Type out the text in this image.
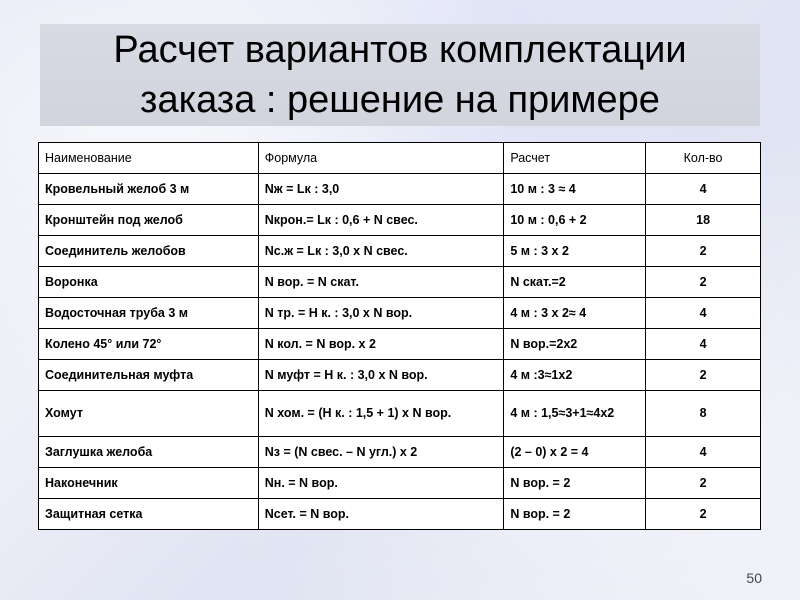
Расчет вариантов комплектации
заказа : решение на примере
Наименование	Формула	Расчет	Кол-во
Кровельный желоб 3 м	Nж = Lк : 3,0	10 м : 3 ≈ 4	4
Кронштейн под желоб	Nкрон.= Lк : 0,6 + N свес.	10 м : 0,6 + 2	18
Соединитель желобов	Nс.ж = Lк : 3,0 х N свес.	5 м : 3 х 2	2
Воронка	N вор. = N скат.	N скат.=2	2
Водосточная труба 3 м	N тр. = Н к. : 3,0 х N вор.	4 м : 3 х 2≈ 4	4
Колено 45° или 72°	N кол. = N вор. х 2	N вор.=2х2	4
Соединительная муфта	N муфт = Н к. : 3,0 х N вор.	4 м :3≈1х2	2
Хомут	N хом. = (Н к. : 1,5 + 1) х N вор.	4 м : 1,5≈3+1≈4х2	8
Заглушка желоба	Nз = (N свес. – N угл.) х 2	(2 – 0) х 2 = 4	4
Наконечник	Nн. = N вор.	N вор. = 2	2
Защитная сетка	Nсет. = N вор.	N вор. = 2	2
50
